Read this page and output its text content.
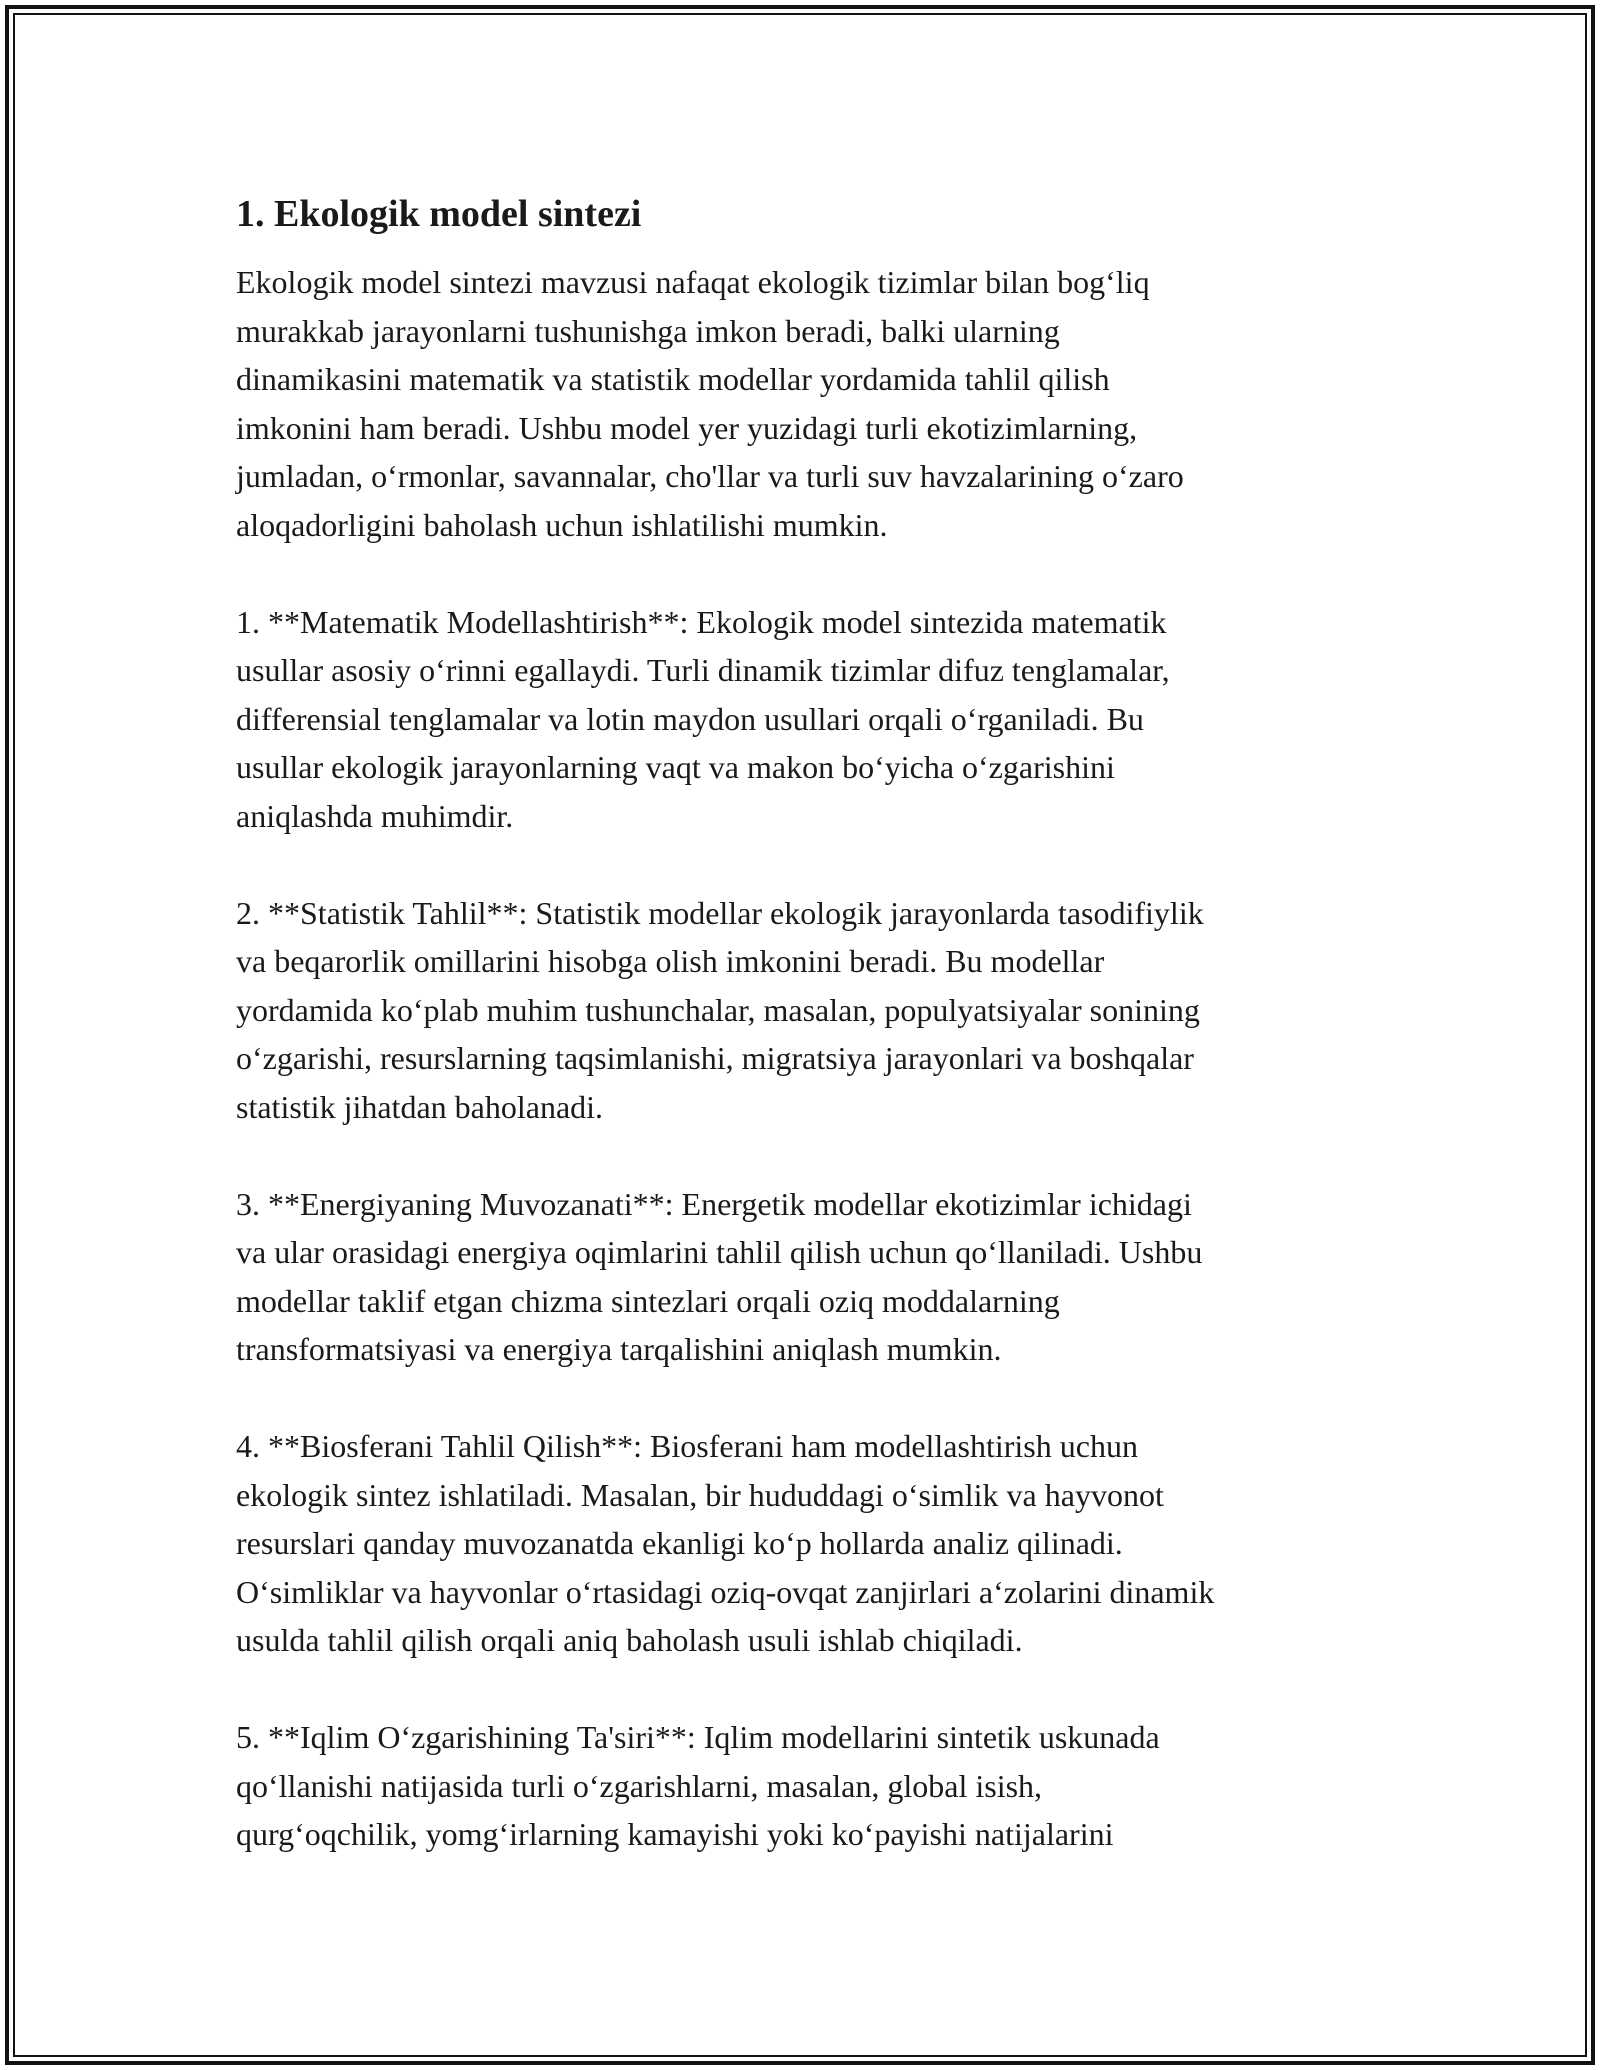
1. Ekologik model sintezi

Ekologik model sintezi mavzusi nafaqat ekologik tizimlar bilan bog‘liq
murakkab jarayonlarni tushunishga imkon beradi, balki ularning
dinamikasini matematik va statistik modellar yordamida tahlil qilish
imkonini ham beradi. Ushbu model yer yuzidagi turli ekotizimlarning,
jumladan, o‘rmonlar, savannalar, cho'llar va turli suv havzalarining o‘zaro
aloqadorligini baholash uchun ishlatilishi mumkin.

1. **Matematik Modellashtirish**: Ekologik model sintezida matematik
usullar asosiy o‘rinni egallaydi. Turli dinamik tizimlar difuz tenglamalar,
differensial tenglamalar va lotin maydon usullari orqali o‘rganiladi. Bu
usullar ekologik jarayonlarning vaqt va makon bo‘yicha o‘zgarishini
aniqlashda muhimdir.

2. **Statistik Tahlil**: Statistik modellar ekologik jarayonlarda tasodifiylik
va beqarorlik omillarini hisobga olish imkonini beradi. Bu modellar
yordamida ko‘plab muhim tushunchalar, masalan, populyatsiyalar sonining
o‘zgarishi, resurslarning taqsimlanishi, migratsiya jarayonlari va boshqalar
statistik jihatdan baholanadi.

3. **Energiyaning Muvozanati**: Energetik modellar ekotizimlar ichidagi
va ular orasidagi energiya oqimlarini tahlil qilish uchun qo‘llaniladi. Ushbu
modellar taklif etgan chizma sintezlari orqali oziq moddalarning
transformatsiyasi va energiya tarqalishini aniqlash mumkin.

4. **Biosferani Tahlil Qilish**: Biosferani ham modellashtirish uchun
ekologik sintez ishlatiladi. Masalan, bir hududdagi o‘simlik va hayvonot
resurslari qanday muvozanatda ekanligi ko‘p hollarda analiz qilinadi.
O‘simliklar va hayvonlar o‘rtasidagi oziq-ovqat zanjirlari a‘zolarini dinamik
usulda tahlil qilish orqali aniq baholash usuli ishlab chiqiladi.

5. **Iqlim O‘zgarishining Ta'siri**: Iqlim modellarini sintetik uskunada
qo‘llanishi natijasida turli o‘zgarishlarni, masalan, global isish,
qurg‘oqchilik, yomg‘irlarning kamayishi yoki ko‘payishi natijalarini
